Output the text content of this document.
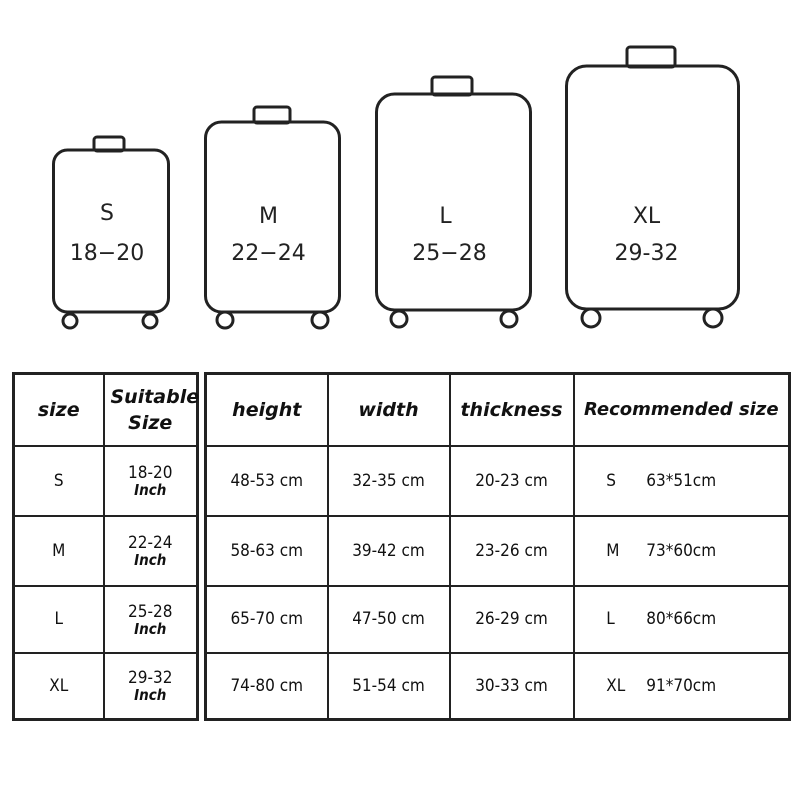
S
18−20
M
22−24
L
25−28
XL
29-32
size	Suitable Size

S	18-20
Inch

M	22-24
Inch

L	25-28
Inch

XL	29-32
Inch
height	width	thickness	Recommended size
48-53 cm	32-35 cm	20-23 cm	S 63*51cm
58-63 cm	39-42 cm	23-26 cm	M 73*60cm
65-70 cm	47-50 cm	26-29 cm	L 80*66cm
74-80 cm	51-54 cm	30-33 cm	XL 91*70cm
